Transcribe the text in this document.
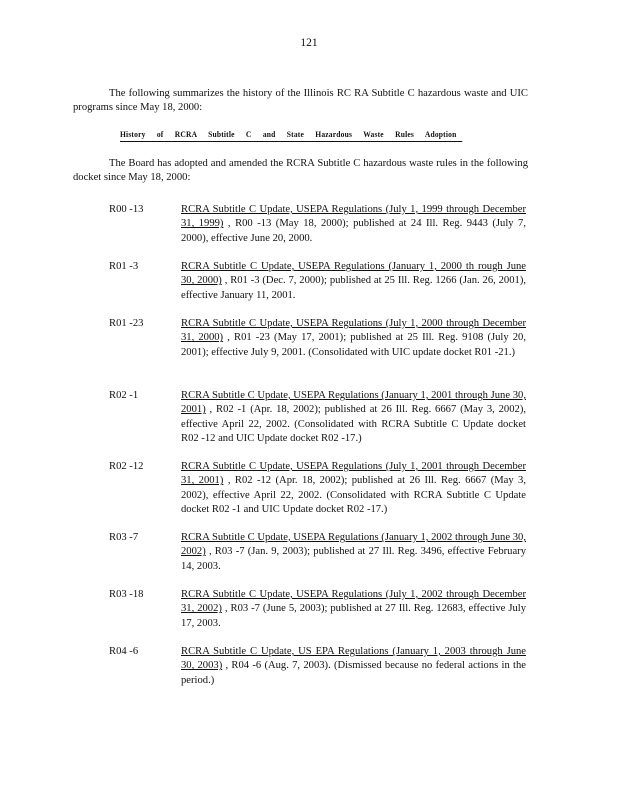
121

The following summarizes the history of the Illinois RC RA Subtitle C hazardous waste and UIC programs since May 18, 2000:

History of RCRA Subtitle C and State Hazardous Waste Rules Adoption

The Board has adopted and amended the RCRA Subtitle C hazardous waste rules in the following docket since May 18, 2000:

R00 -13	RCRA Subtitle C Update, USEPA Regulations (July 1, 1999 through December 31, 1999) , R00 -13 (May 18, 2000); published at 24 Ill. Reg. 9443 (July 7, 2000), effective June 20, 2000.
R01 -3	RCRA Subtitle C Update, USEPA Regulations (January 1, 2000 th rough June 30, 2000) , R01 -3 (Dec. 7, 2000); published at 25 Ill. Reg. 1266 (Jan. 26, 2001), effective January 11, 2001.
R01 -23	RCRA Subtitle C Update, USEPA Regulations (July 1, 2000 through December 31, 2000) , R01 -23 (May 17, 2001); published at 25 Ill. Reg. 9108 (July 20, 2001); effective July 9, 2001. (Consolidated with UIC update docket R01 -21.)
R02 -1	RCRA Subtitle C Update, USEPA Regulations (January 1, 2001 through June 30, 2001) , R02 -1 (Apr. 18, 2002); published at 26 Ill. Reg. 6667 (May 3, 2002), effective April 22, 2002. (Consolidated with RCRA Subtitle C Update docket R02 -12 and UIC Update docket R02 -17.)
R02 -12	RCRA Subtitle C Update, USEPA Regulations (July 1, 2001 through December 31, 2001) , R02 -12 (Apr. 18, 2002); published at 26 Ill. Reg. 6667 (May 3, 2002), effective April 22, 2002. (Consolidated with RCRA Subtitle C Update docket R02 -1 and UIC Update docket R02 -17.)
R03 -7	RCRA Subtitle C Update, USEPA Regulations (January 1, 2002 through June 30, 2002) , R03 -7 (Jan. 9, 2003); published at 27 Ill. Reg. 3496, effective February 14, 2003.
R03 -18	RCRA Subtitle C Update, USEPA Regulations (July 1, 2002 through December 31, 2002) , R03 -7 (June 5, 2003); published at 27 Ill. Reg. 12683, effective July 17, 2003.
R04 -6	RCRA Subtitle C Update, US EPA Regulations (January 1, 2003 through June 30, 2003) , R04 -6 (Aug. 7, 2003). (Dismissed because no federal actions in the period.)
